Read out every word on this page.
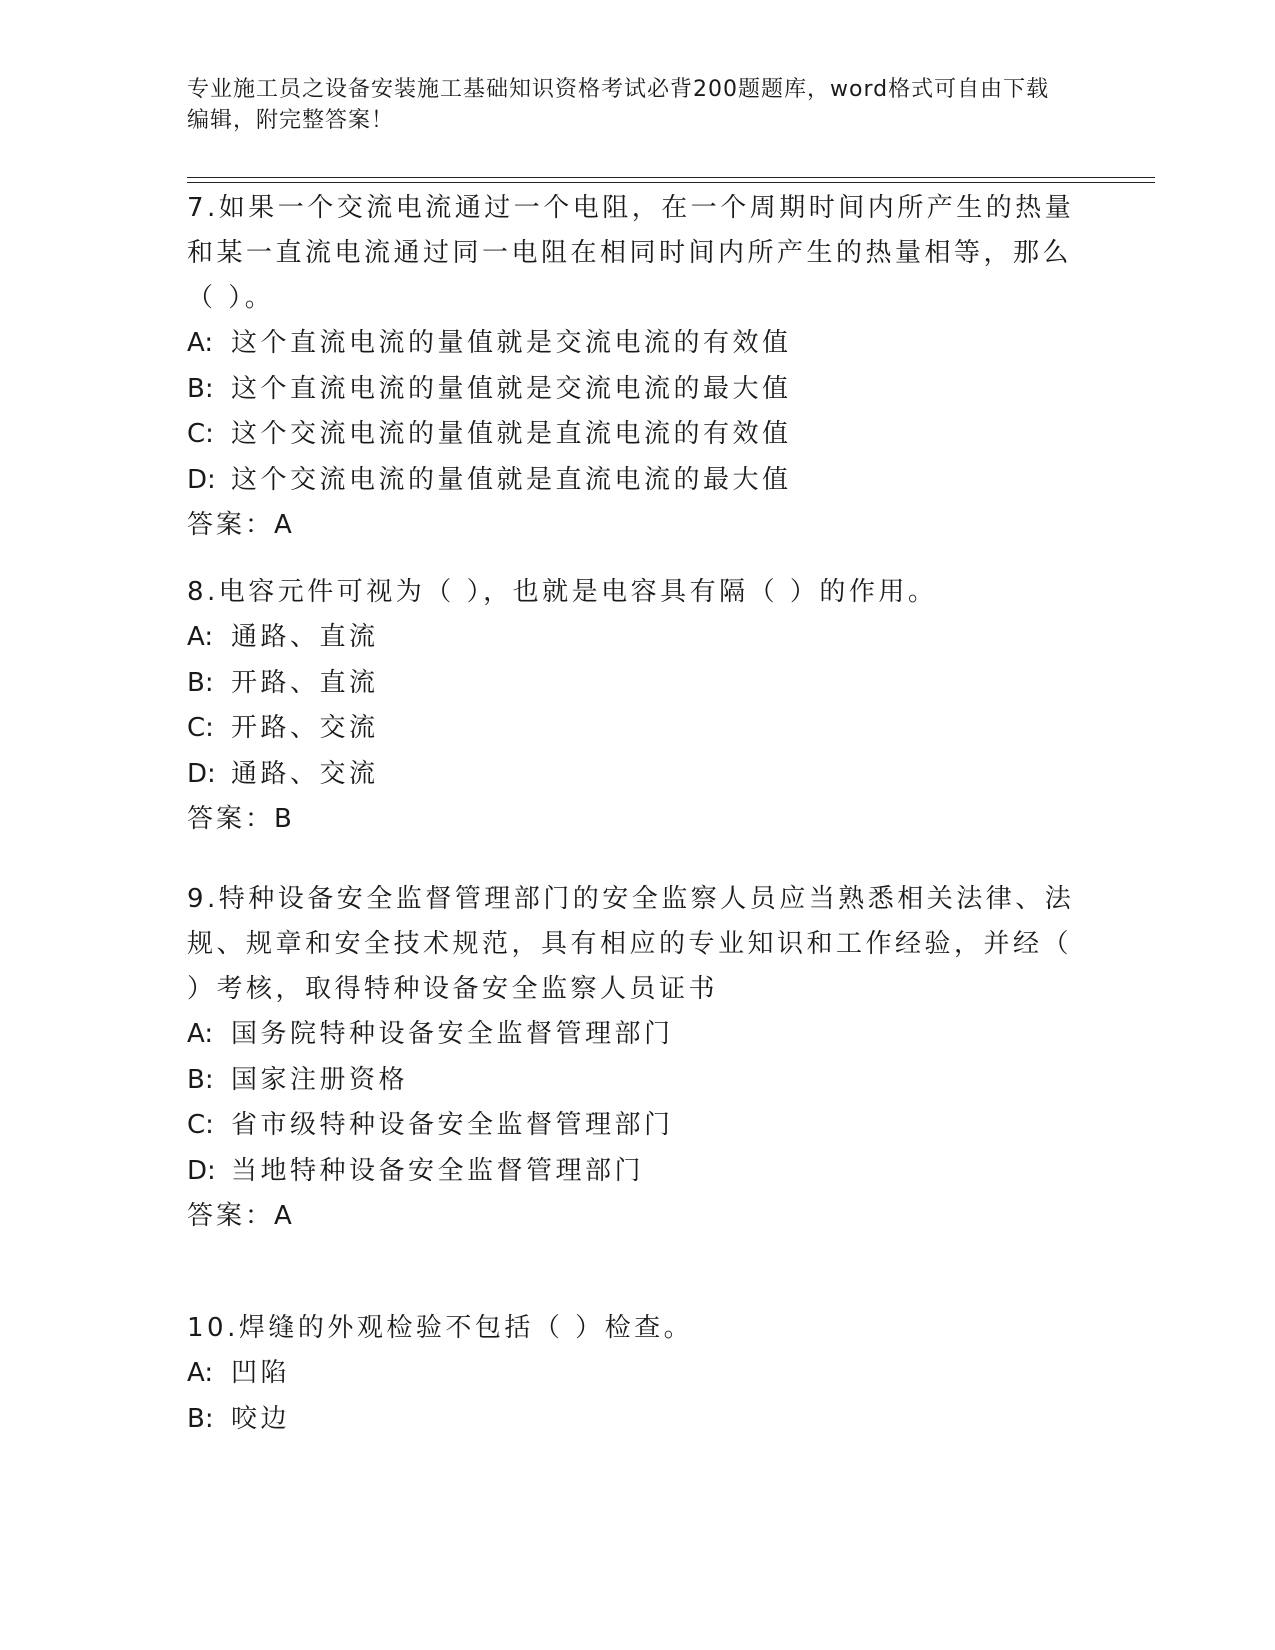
专业施工员之设备安装施工基础知识资格考试必背200题题库，word格式可自由下载编辑，附完整答案！

7.如果一个交流电流通过一个电阻，在一个周期时间内所产生的热量和某一直流电流通过同一电阻在相同时间内所产生的热量相等，那么（ ）。

A: 这个直流电流的量值就是交流电流的有效值
B: 这个直流电流的量值就是交流电流的最大值
C: 这个交流电流的量值就是直流电流的有效值
D: 这个交流电流的量值就是直流电流的最大值
答案：A

8.电容元件可视为（ ），也就是电容具有隔（ ）的作用。

A: 通路、直流
B: 开路、直流
C: 开路、交流
D: 通路、交流
答案：B

9.特种设备安全监督管理部门的安全监察人员应当熟悉相关法律、法规、规章和安全技术规范，具有相应的专业知识和工作经验，并经（ ）考核，取得特种设备安全监察人员证书

A: 国务院特种设备安全监督管理部门
B: 国家注册资格
C: 省市级特种设备安全监督管理部门
D: 当地特种设备安全监督管理部门
答案：A

10.焊缝的外观检验不包括（ ）检查。

A: 凹陷
B: 咬边
